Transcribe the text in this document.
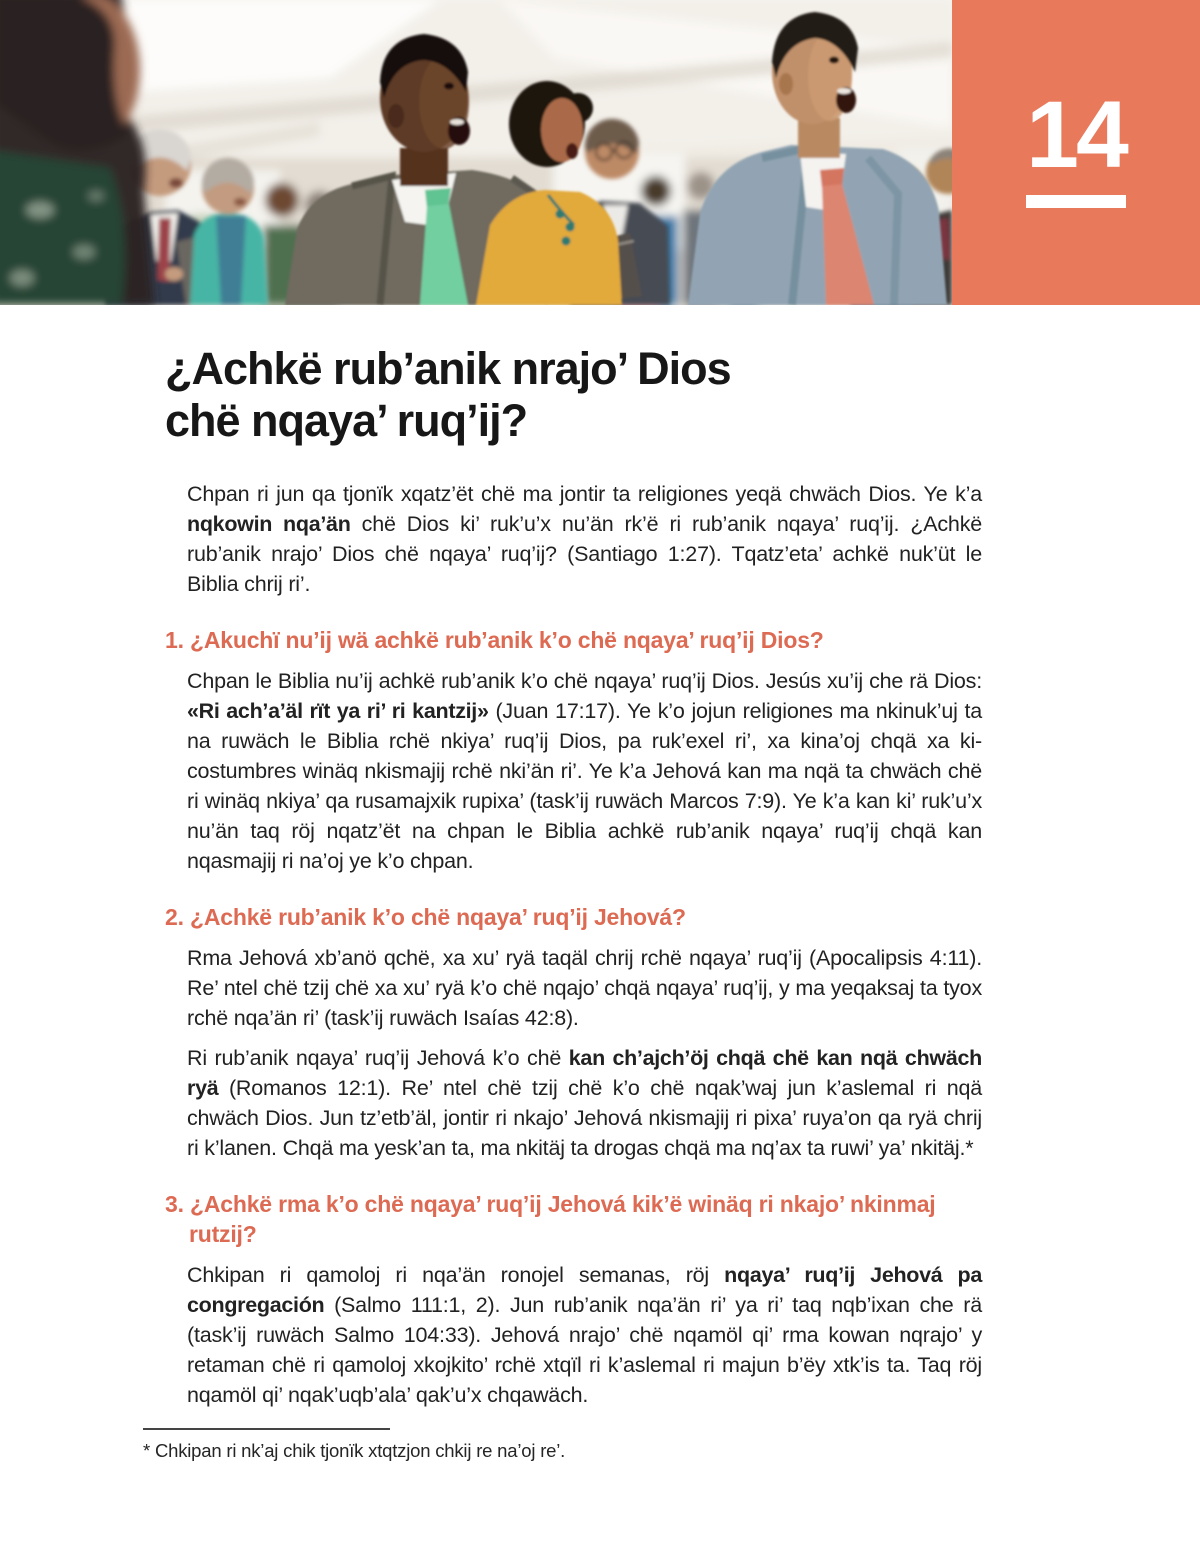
14
¿Achkë rub’anik nrajo’ Dios
chë nqaya’ ruq’ij?

Chpan ri jun qa tjonïk xqatz’ët chë ma jontir ta religiones yeqä chwäch Dios. Ye k’a nqkowin nqa’än chë Dios ki’ ruk’u’x nu’än rk’ë ri rub’anik nqaya’ ruq’ij. ¿Achkë rub’anik nrajo’ Dios chë nqaya’ ruq’ij? (Santiago 1:27). Tqatz’eta’ achkë nuk’üt le Biblia chrij ri’.

1. ¿Akuchï nu’ij wä achkë rub’anik k’o chë nqaya’ ruq’ij Dios?

Chpan le Biblia nu’ij achkë rub’anik k’o chë nqaya’ ruq’ij Dios. Jesús xu’ij che rä Dios: «Ri ach’a’äl rït ya ri’ ri kantzij» (Juan 17:17). Ye k’o jojun religiones ma nkinuk’uj ta na ruwäch le Biblia rchë nkiya’ ruq’ij Dios, pa ruk’exel ri’, xa kina’oj chqä xa ki-costumbres winäq nkismajij rchë nki’än ri’. Ye k’a Jehová kan ma nqä ta chwäch chë ri winäq nkiya’ qa rusamajxik rupixa’ (task’ij ruwäch Marcos 7:9). Ye k’a kan ki’ ruk’u’x nu’än taq röj nqatz’ët na chpan le Biblia achkë rub’anik nqaya’ ruq’ij chqä kan nqasmajij ri na’oj ye k’o chpan.

2. ¿Achkë rub’anik k’o chë nqaya’ ruq’ij Jehová?

Rma Jehová xb’anö qchë, xa xu’ ryä taqäl chrij rchë nqaya’ ruq’ij (Apocalipsis 4:11). Re’ ntel chë tzij chë xa xu’ ryä k’o chë nqajo’ chqä nqaya’ ruq’ij, y ma yeqaksaj ta tyox rchë nqa’än ri’ (task’ij ruwäch Isaías 42:8).

Ri rub’anik nqaya’ ruq’ij Jehová k’o chë kan ch’ajch’öj chqä chë kan nqä chwäch ryä (Romanos 12:1). Re’ ntel chë tzij chë k’o chë nqak’waj jun k’aslemal ri nqä chwäch Dios. Jun tz’etb’äl, jontir ri nkajo’ Jehová nkismajij ri pixa’ ruya’on qa ryä chrij ri k’lanen. Chqä ma yesk’an ta, ma nkitäj ta drogas chqä ma nq’ax ta ruwi’ ya’ nkitäj.*

3. ¿Achkë rma k’o chë nqaya’ ruq’ij Jehová kik’ë winäq ri nkajo’ nkinmaj rutzij?

Chkipan ri qamoloj ri nqa’än ronojel semanas, röj nqaya’ ruq’ij Jehová pa congregación (Salmo 111:1, 2). Jun rub’anik nqa’än ri’ ya ri’ taq nqb’ixan che rä (task’ij ruwäch Salmo 104:33). Jehová nrajo’ chë nqamöl qi’ rma kowan nqrajo’ y retaman chë ri qamoloj xkojkito’ rchë xtqïl ri k’aslemal ri majun b’ëy xtk’is ta. Taq röj nqamöl qi’ nqak’uqb’ala’ qak’u’x chqawäch.

* Chkipan ri nk’aj chik tjonïk xtqtzjon chkij re na’oj re’.
